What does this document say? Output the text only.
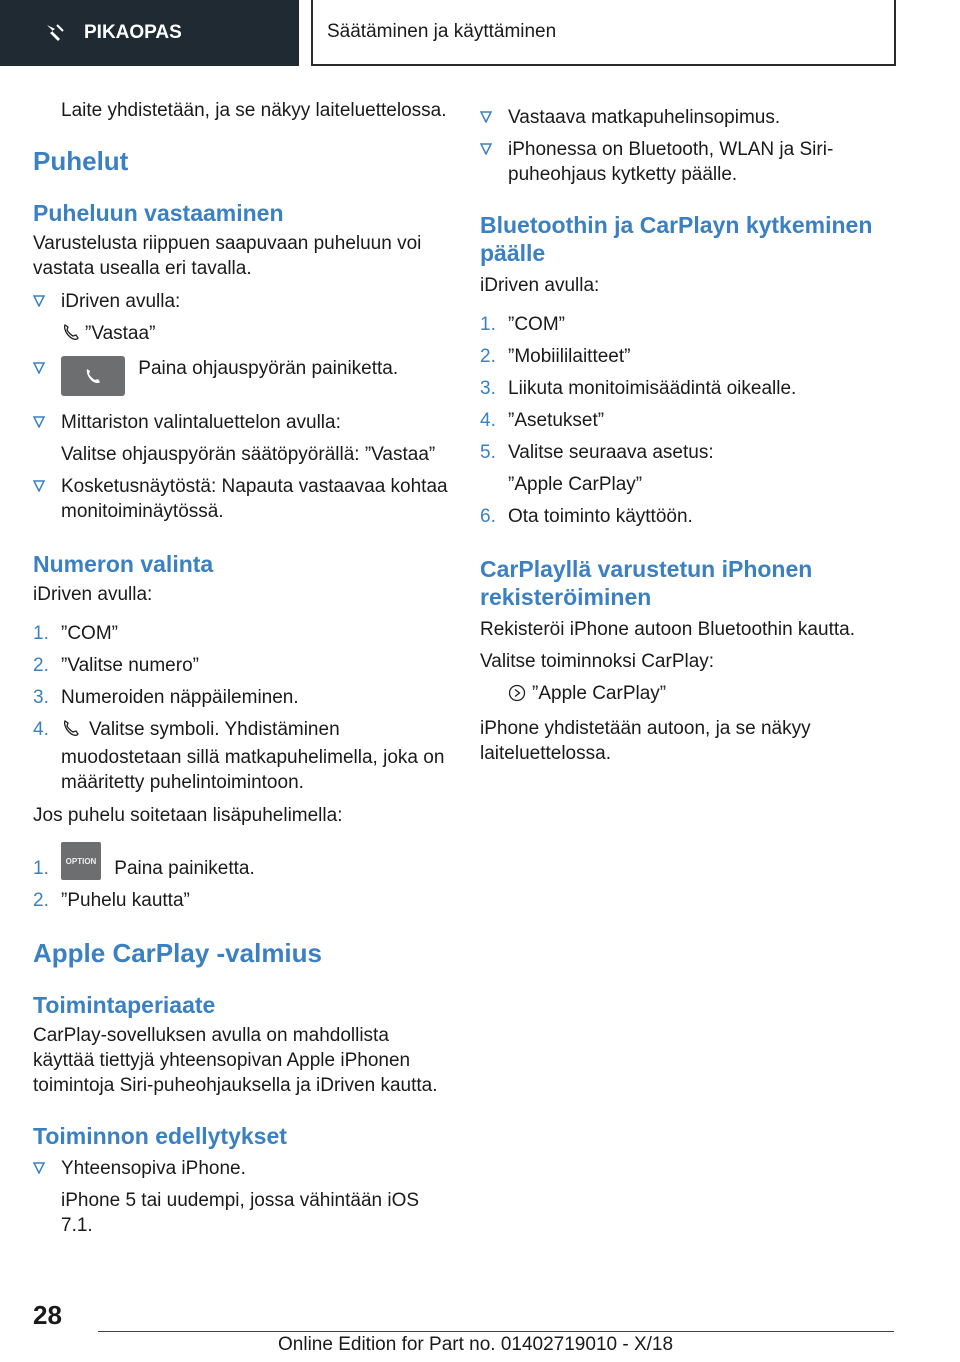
PIKAOPAS	Säätäminen ja käyttäminen

Laite yhdistetään, ja se näkyy laiteluettelossa.

Puhelut
Puheluun vastaaminen

Varustelusta riippuen saapuvaan puheluun voi vastata usealla eri tavalla.

iDriven avulla:
”Vastaa”
Paina ohjauspyörän painiketta.
Mittariston valintaluettelon avulla:
Valitse ohjauspyörän säätöpyörällä: ”Vastaa”
Kosketusnäytöstä: Napauta vastaavaa kohtaa monitoiminäytössä.
Numeron valinta

iDriven avulla:

1. ”COM”
2. ”Valitse numero”
3. Numeroiden näppäileminen.
4.	Valitse symboli. Yhdistäminen muodostetaan sillä matkapuhelimella, joka on määritetty puhelintoimintoon.

Jos puhelu soitetaan lisäpuhelimella:

1.	OPTION Paina painiketta.
2. ”Puhelu kautta”
Apple CarPlay -valmius
Toimintaperiaate

CarPlay-sovelluksen avulla on mahdollista käyttää tiettyjä yhteensopivan Apple iPhonen toimintoja Siri-puheohjauksella ja iDriven kautta.

Toiminnon edellytykset
Yhteensopiva iPhone.
iPhone 5 tai uudempi, jossa vähintään iOS 7.1.
Vastaava matkapuhelinsopimus.
iPhonessa on Bluetooth, WLAN ja Siri-puheohjaus kytketty päälle.
Bluetoothin ja CarPlayn kytkeminen päälle

iDriven avulla:

1. ”COM”
2. ”Mobiililaitteet”
3. Liikuta monitoimisäädintä oikealle.
4. ”Asetukset”
5. Valitse seuraava asetus:
”Apple CarPlay”
6. Ota toiminto käyttöön.
CarPlayllä varustetun iPhonen rekisteröiminen

Rekisteröi iPhone autoon Bluetoothin kautta.

Valitse toiminnoksi CarPlay:

”Apple CarPlay”

iPhone yhdistetään autoon, ja se näkyy laiteluettelossa.

28
Online Edition for Part no. 01402719010 - X/18
